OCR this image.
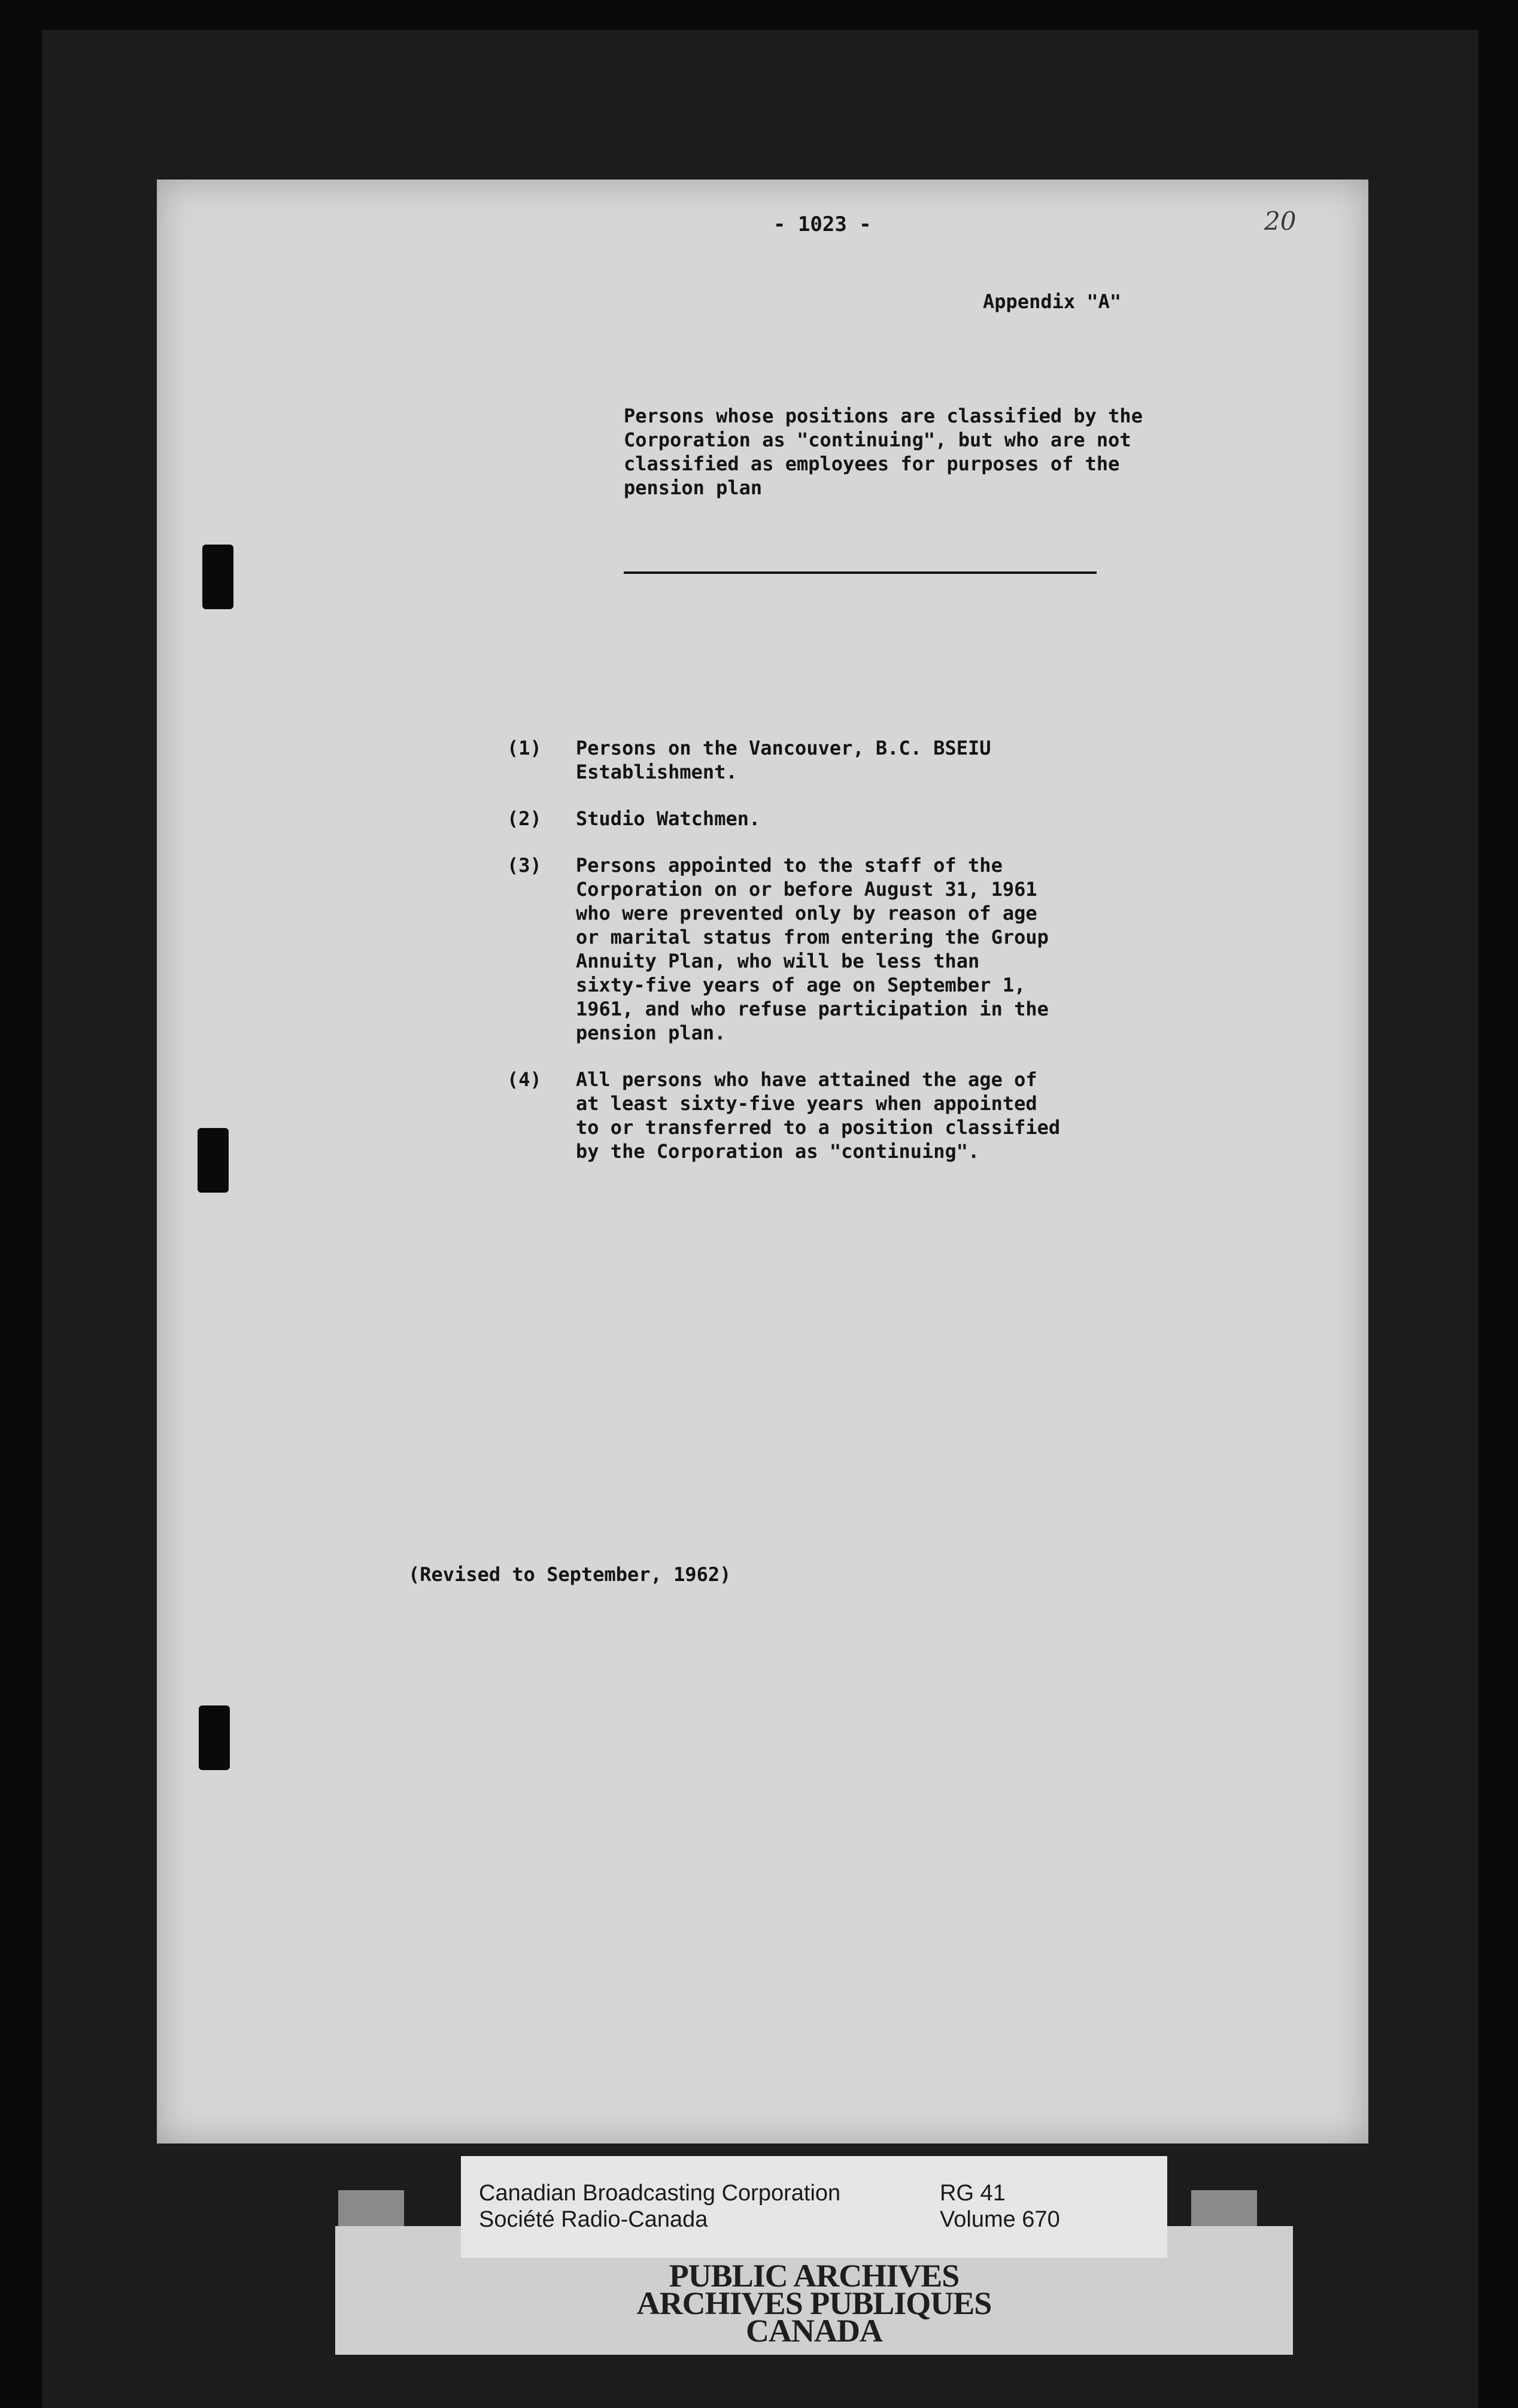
- 1023 -	20
Appendix "A"
Persons whose positions are classified by the Corporation as "continuing", but who are not classified as employees for purposes of the pension plan
(1)	Persons on the Vancouver, B.C. BSEIU
Establishment.
(2)	Studio Watchmen.
(3)	Persons appointed to the staff of the
Corporation on or before August 31, 1961
who were prevented only by reason of age
or marital status from entering the Group
Annuity Plan, who will be less than
sixty-five years of age on September 1,
1961, and who refuse participation in the
pension plan.
(4)	All persons who have attained the age of
at least sixty-five years when appointed
to or transferred to a position classified
by the Corporation as "continuing".
(Revised to September, 1962)
PUBLIC ARCHIVES
ARCHIVES PUBLIQUES
CANADA
Canadian Broadcasting Corporation
Société Radio-Canada
RG 41
Volume 670
